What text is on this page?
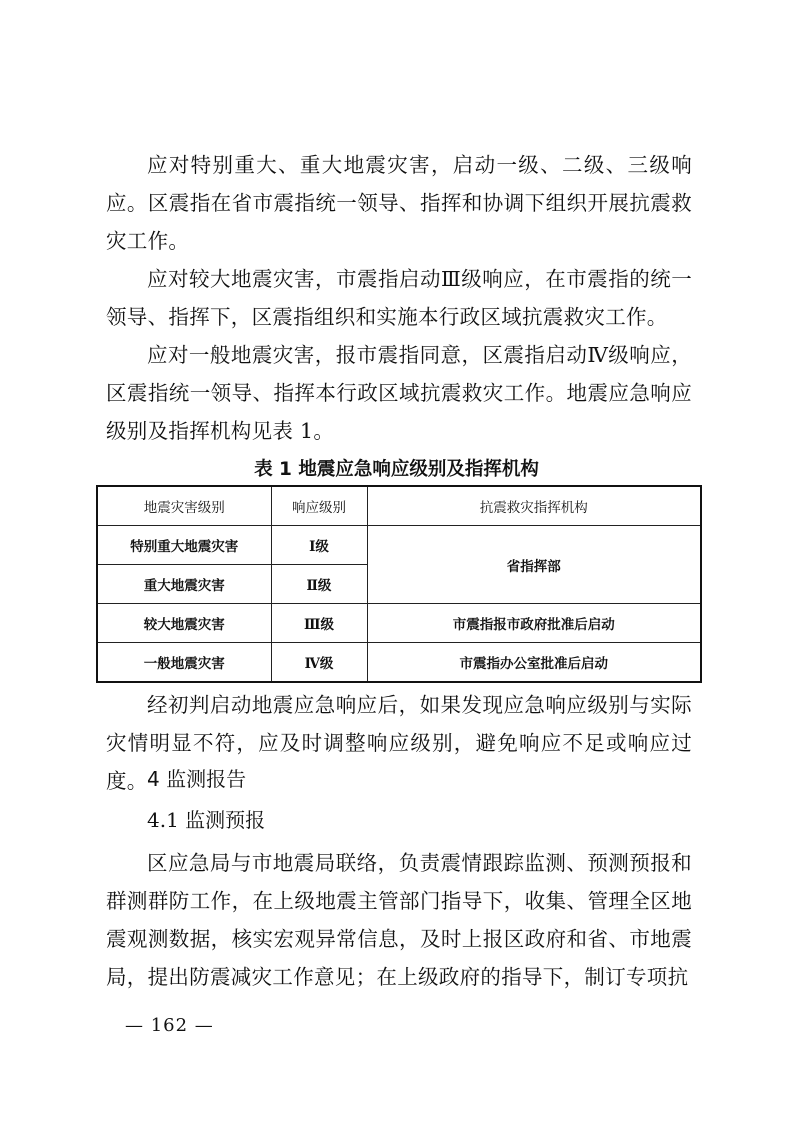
应对特别重大、重大地震灾害，启动一级、二级、三级响应。区震指在省市震指统一领导、指挥和协调下组织开展抗震救灾工作。

应对较大地震灾害，市震指启动Ⅲ级响应，在市震指的统一领导、指挥下，区震指组织和实施本行政区域抗震救灾工作。

应对一般地震灾害，报市震指同意，区震指启动Ⅳ级响应，区震指统一领导、指挥本行政区域抗震救灾工作。地震应急响应级别及指挥机构见表 1。

表 1 地震应急响应级别及指挥机构

地震灾害级别	响应级别	抗震救灾指挥机构
特别重大地震灾害	Ⅰ级	省指挥部
重大地震灾害	Ⅱ级	
较大地震灾害	Ⅲ级	市震指报市政府批准后启动
一般地震灾害	Ⅳ级	市震指办公室批准后启动

经初判启动地震应急响应后，如果发现应急响应级别与实际灾情明显不符，应及时调整响应级别，避免响应不足或响应过度。 4 监测报告

4.1 监测预报

区应急局与市地震局联络，负责震情跟踪监测、预测预报和群测群防工作，在上级地震主管部门指导下，收集、管理全区地震观测数据，核实宏观异常信息，及时上报区政府和省、市地震局，提出防震减灾工作意见；在上级政府的指导下，制订专项抗

— 162 —
